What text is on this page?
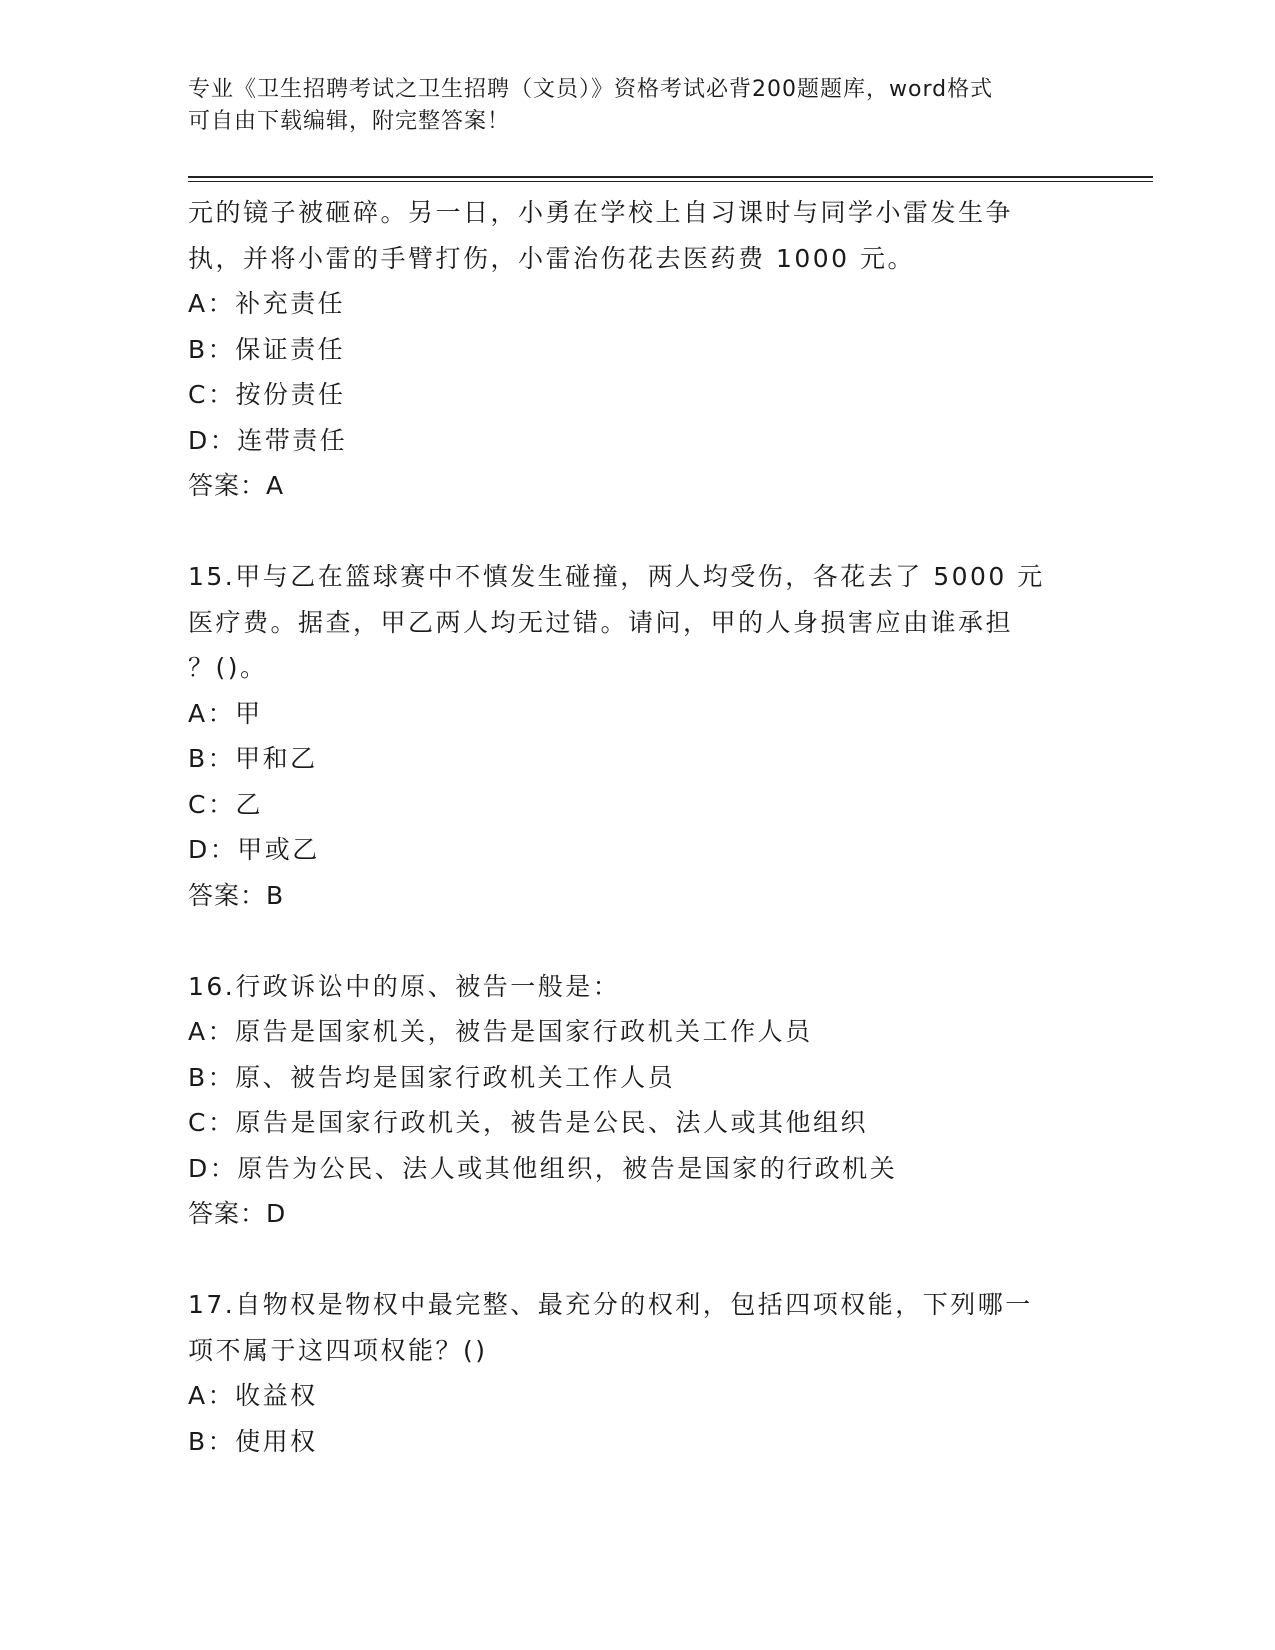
专业《卫生招聘考试之卫生招聘（文员）》资格考试必背200题题库，word格式
可自由下载编辑，附完整答案！
元的镜子被砸碎。另一日，小勇在学校上自习课时与同学小雷发生争
执，并将小雷的手臂打伤，小雷治伤花去医药费 1000 元。
A：补充责任
B：保证责任
C：按份责任
D：连带责任
答案：A
15.甲与乙在篮球赛中不慎发生碰撞，两人均受伤，各花去了 5000 元
医疗费。据查，甲乙两人均无过错。请问，甲的人身损害应由谁承担
？()。
A：甲
B：甲和乙
C：乙
D：甲或乙
答案：B
16.行政诉讼中的原、被告一般是：
A：原告是国家机关，被告是国家行政机关工作人员
B：原、被告均是国家行政机关工作人员
C：原告是国家行政机关，被告是公民、法人或其他组织
D：原告为公民、法人或其他组织，被告是国家的行政机关
答案：D
17.自物权是物权中最完整、最充分的权利，包括四项权能，下列哪一
项不属于这四项权能？()
A：收益权
B：使用权
